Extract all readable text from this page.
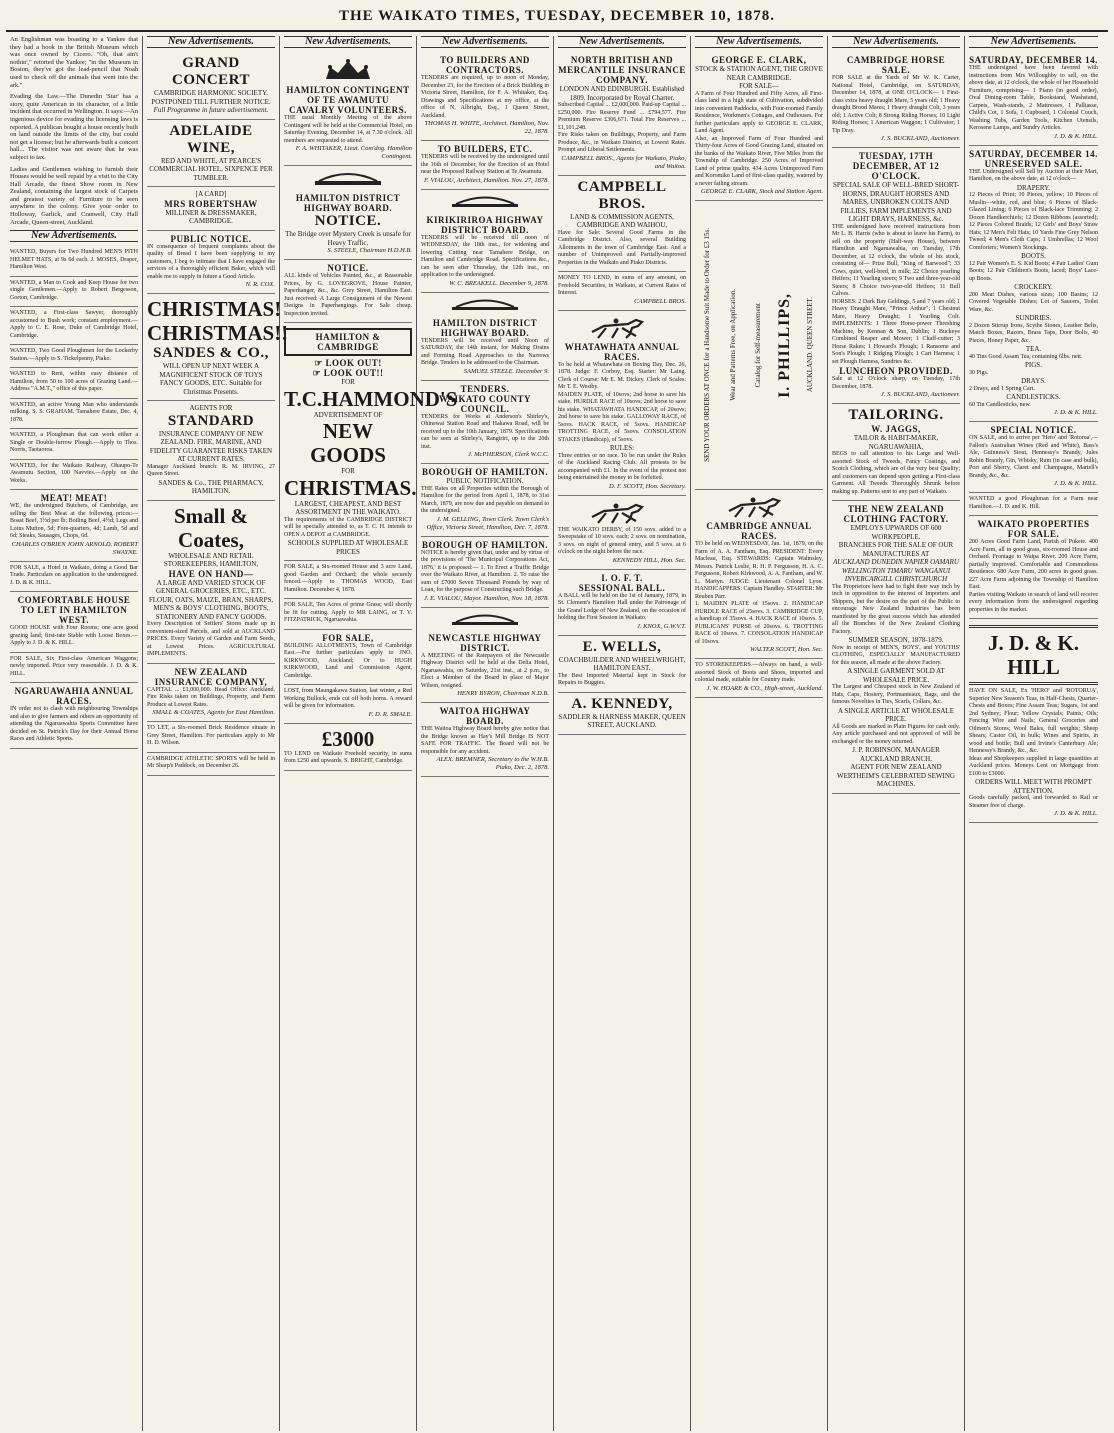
THE WAIKATO TIMES, TUESDAY, DECEMBER 10, 1878.
An Englishman was boasting to a Yankee that they had a book in the British Museum which was once owned by Cicero. "Oh, that ain't nothin'," retorted the Yankee; "in the Museum in Boston, they've got the lead-pencil that Noah used to check off the animals that went into the ark."
Evading the Law.—The Dunedin 'Star' has a story, quite American in its character, of a little incident that occurred in Wellington. It says:—An ingenious device for evading the licensing laws is reported. A publican bought a house recently built on land outside the limits of the city, but could not get a license; but he afterwards built a concert hall... The visitor was not aware that he was subject to tax.
Ladies and Gentlemen wishing to furnish their Houses would be well repaid by a visit to the City Hall Arcade, the finest Show room in New Zealand, containing the largest stock of Carpets and greatest variety of Furniture to be seen anywhere in the colony. Give your order to Holloway, Garlick, and Cranwell, City Hall Arcade, Queen-street, Auckland.
New Advertisements.
WANTED, Buyers for Two Hundred MEN'S PITH HELMET HATS, at 9s 6d each. J. MOSES, Draper, Hamilton West.
WANTED, a Man to Cook and Keep House for two single Gentlemen.—Apply to Robert Bergesson, Gorton, Cambridge.
WANTED, a First-class Sawyer, thoroughly accustomed to Bush work; constant employment.—Apply to C. E. Rose, Duke of Cambridge Hotel, Cambridge.
WANTED, Two Good Ploughmen for the Lockerby Station.—Apply to S. Tickelpenny, Piako.
WANTED to Rent, within easy distance of Hamilton, from 50 to 100 acres of Grazing Land.—Address "A.M.T.," office of this paper.
WANTED, an active Young Man who understands milking. S. S. GRAHAM. Tamahere Estate, Dec. 4, 1878.
WANTED, a Ploughman that can work either a Single or Double-furrow Plough.—Apply to Thos. Norris, Taotaoroa.
WANTED, for the Waikato Railway, Ohaupo-Te Awamutu Section, 100 Navvies.—Apply on the Works.
MEAT! MEAT!
WE, the undersigned Butchers, of Cambridge, are selling the Best Meat at the following prices:— Boast Beef, 3½d per lb; Boiling Beef, 4½d; Legs and Loins Mutton, 5d; Fore-quarters, 4d; Lamb, 5d and 6d; Steaks, Sausages, Chops, 6d.
CHARLES O'BRIEN JOHN ARNOLD. ROBERT SWAYNE.
FOR SALE, a Hotel in Waikato, doing a Good Bar Trade. Particulars on application to the undersigned. J. D. & K. HILL.
COMFORTABLE HOUSE TO LET IN HAMILTON WEST.
GOOD HOUSE with Four Rooms; one acre good grazing land; first-rate Stable with Loose Boxes.—Apply to J. D. & K. HILL.
FOR SALE, Six First-class American Waggons; newly imported. Price very reasonable. J. D. & K. HILL.
NGARUAWAHIA ANNUAL RACES.
IN order not to clash with neighbouring Townships and also to give farmers and others an opportunity of attending the Ngaruawahia Sports Committee have decided on St. Patrick's Day for their Annual Horse Races and Athletic Sports.
New Advertisements.
GRAND CONCERT
CAMBRIDGE HARMONIC SOCIETY. POSTPONED TILL FURTHER NOTICE.
Full Programme in future advertisement.
ADELAIDE WINE,
RED AND WHITE, AT PEARCE'S COMMERCIAL HOTEL, SIXPENCE PER TUMBLER.
[A CARD]
MRS ROBERTSHAW
MILLINER & DRESSMAKER, CAMBRIDGE.
PUBLIC NOTICE.
IN consequence of frequent complaints about the quality of Bread I have been supplying to my customers, I beg to intimate that I have engaged the services of a thoroughly efficient Baker, which will enable me to supply in future a Good Article.
N. R. COX.
CHRISTMAS!
CHRISTMAS!!
SANDES & CO.,
WILL OPEN UP NEXT WEEK A MAGNIFICENT STOCK OF TOYS FANCY GOODS, ETC. Suitable for Christmas Presents.
AGENTS FOR
STANDARD
INSURANCE COMPANY OF NEW ZEALAND. FIRE, MARINE, AND FIDELITY GUARANTEE RISKS TAKEN AT CURRENT RATES.
Manager Auckland branch: R. M. IRVING, 27 Queen Street.
SANDES & Co., THE PHARMACY, HAMILTON.
Small & Coates,
WHOLESALE AND RETAIL STOREKEEPERS, HAMILTON,
HAVE ON HAND—
A LARGE AND VARIED STOCK OF GENERAL GROCERIES, ETC., ETC. FLOUR, OATS, MAIZE, BRAN, SHARPS, MEN'S & BOYS' CLOTHING, BOOTS, STATIONERY AND FANCY GOODS.
Every Description of Settlers' Stores made up in convenient-sized Parcels, and sold at AUCKLAND PRICES. Every Variety of Garden and Farm Seeds, at Lowest Prices. AGRICULTURAL IMPLEMENTS.
NEW ZEALAND INSURANCE COMPANY,
CAPITAL ... £1,000,000. Head Office: Auckland. Fire Risks taken on Buildings, Property, and Farm Produce at Lowest Rates.
SMALL & COATES, Agents for East Hamilton.
TO LET, a Six-roomed Brick Residence situate in Grey Street, Hamilton. For particulars apply to Mr H. D. Wilson.
CAMBRIDGE ATHLETIC SPORTS will be held in Mr Sharp's Paddock, on December 26.
New Advertisements.
HAMILTON CONTINGENT OF TE AWAMUTU CAVALRY VOLUNTEERS.
THE usual Monthly Meeting of the above Contingent will be held at the Commercial Hotel, on Saturday Evening, December 14, at 7.30 o'clock. All members are requested to attend.
F. A. WHITAKER, Lieut. Com'dng. Hamilton Contingent.
HAMILTON DISTRICT HIGHWAY BOARD.
NOTICE.
The Bridge over Mystery Creek is unsafe for Heavy Traffic.
S. STEELE, Chairman H.D.H.B.
NOTICE.
ALL kinds of Vehicles Painted, &c., at Reasonable Prices, by G. LOVEGROVE, House Painter, Paperhanger, &c., &c. Grey Street, Hamilton East. Just received: A Large Consignment of the Newest Designs in Paperhangings. For Sale cheap. Inspection invited.
HAMILTON & CAMBRIDGE
☞ LOOK OUT!
☞ LOOK OUT!!
FOR
T.C.HAMMOND'S
ADVERTISEMENT OF
NEW GOODS
FOR
CHRISTMAS.
LARGEST, CHEAPEST, AND BEST ASSORTMENT IN THE WAIKATO.
The requirements of the CAMBRIDGE DISTRICT will be specially attended to, as T. C. H. intends to OPEN A DEPOT at CAMBRIDGE.
SCHOOLS SUPPLIED AT WHOLESALE PRICES
FOR SALE, a Six-roomed House and 3 acre Land, good Garden and Orchard; the whole securely fenced.—Apply to THOMAS WOOD, East Hamilton. December 4, 1878.
FOR SALE, Ten Acres of prime Grass; will shortly be fit for cutting. Apply to MR LAING, or T. V. FITZPATRICK, Ngaruawahia.
FOR SALE,
BUILDING ALLOTMENTS, Town of Cambridge East.—For further particulars apply to JNO. KIRKWOOD, Auckland; Or to HUGH KIRKWOOD, Land and Commission Agent, Cambridge.
LOST, from Maungakawa Station, last winter, a Red Working Bullock, ends cut off both horns. A reward will be given for information.
F. D. R. SMALE.
£3000
TO LEND on Waikato Freehold security, in sums from £250 and upwards. S. BRIGHT, Cambridge.
New Advertisements.
TO BUILDERS AND CONTRACTORS.
TENDERS are required, up to noon of Monday, December 23, for the Erection of a Brick Building in Victoria Street, Hamilton, for F. A. Whitaker, Esq. Drawings and Specifications at my office, at the office of N. Albright, Esq., 1 Queen Street, Auckland.
THOMAS H. WHITE, Architect. Hamilton, Nov. 22, 1878.
TO BUILDERS, ETC.
TENDERS will be received by the undersigned until the 16th of December, for the Erection of an Hotel near the Proposed Railway Station at Te Awamutu.
F. VIALOU, Architect, Hamilton. Nov. 27, 1878.
KIRIKIRIROA HIGHWAY DISTRICT BOARD.
TENDERS will be received till noon of WEDNESDAY, the 18th inst., for widening and lowering Cutting near Tamahere Bridge, on Hamilton and Cambridge Road. Specifications &c., can be seen after Thursday, the 12th inst., on application to the undersigned.
W. C. BREAKELL. December 9, 1878.
HAMILTON DISTRICT HIGHWAY BOARD.
TENDERS will be received until Noon of SATURDAY, the 14th instant, for Making Drains and Forming Road Approaches to the Narrows Bridge. Tenders to be addressed to the Chairman.
SAMUEL STEELE. December 9.
TENDERS.
WAIKATO COUNTY COUNCIL.
TENDERS for Works at Anderson's Shirley's, Ohinewai Station Road and Hakawa Road, will be received up to the 10th January, 1879. Specifications can be seen at Shirley's, Rangiriri, up to the 20th inst.
J. McPHERSON, Clerk W.C.C.
BOROUGH OF HAMILTON.
PUBLIC NOTIFICATION.
THE Rates on all Properties within the Borough of Hamilton for the period from April 1, 1878, to 31st March, 1879, are now due and payable on demand to the undersigned.
J. M. GELLING, Town Clerk. Town Clerk's Office, Victoria Street, Hamilton, Dec. 7, 1878.
BOROUGH OF HAMILTON.
NOTICE is hereby given that, under and by virtue of the provisions of 'The Municipal Corporations Act, 1876,' it is proposed:— 1. To Erect a Traffic Bridge over the Waikato River, at Hamilton. 2. To raise the sum of £7000 Seven Thousand Pounds by way of Loan, for the purpose of Constructing such Bridge.
J. E. VIALOU, Mayor. Hamilton, Nov. 18, 1878.
NEWCASTLE HIGHWAY DISTRICT.
A MEETING of the Ratepayers of the Newcastle Highway District will be held at the Delta Hotel, Ngaruawahia, on Saturday, 21st inst., at 2 p.m., to Elect a Member of the Board in place of Major Wilson, resigned.
HENRY BYRON, Chairman N.D.B.
WAITOA HIGHWAY BOARD.
THE Waitoa Highway Board hereby give notice that the Bridge known as Hay's Mill Bridge IS NOT SAFE FOR TRAFFIC. The Board will not be responsible for any accident.
ALEX. BREMNER, Secretary to the W.H.B. Piako, Dec. 2, 1878.
New Advertisements.
NORTH BRITISH AND MERCANTILE INSURANCE COMPANY.
LONDON AND EDINBURGH. Established 1809. Incorporated by Royal Charter.
Subscribed Capital ... £2,000,000. Paid-up Capital ... £250,000. Fire Reserve Fund ... £794,577. Fire Premium Reserve £306,671. Total Fire Reserves ... £1,101,248.
Fire Risks taken on Buildings, Property, and Farm Produce, &c., in Waikato District, at Lowest Rates. Prompt and Liberal Settlements.
CAMPBELL BROS., Agents for Waikato, Piako, and Waitoa.
CAMPBELL BROS.
LAND & COMMISSION AGENTS, CAMBRIDGE AND WAIHOU,
Have for Sale: Several Good Farms in the Cambridge District. Also, several Building Allotments in the town of Cambridge East. And a number of Unimproved and Partially-improved Properties in the Waikato and Piako Districts.
MONEY TO LEND, in sums of any amount, on Freehold Securities, in Waikato, at Current Rates of Interest.
CAMPBELL BROS.
WHATAWHATA ANNUAL RACES.
To be held at Whatawhata on Boxing Day, Dec. 26, 1878. Judge: F. Corboy, Esq. Starter: Mr Laing. Clerk of Course: Mr E. M. Dickey. Clerk of Scales: Mr T. E. Westby.
MAIDEN PLATE, of 10sovs; 2nd horse to save his stake. HURDLE RACE of 10sovs; 2nd horse to save his stake. WHATAWHATA HANDICAP, of 20sovs; 2nd horse to save his stake. GALLOWAY RACE, of 5sovs. HACK RACE, of 5sovs. HANDICAP TROTTING RACE, of 5sovs. CONSOLATION STAKES (Handicap), of 5sovs.
RULES:
Three entries or no race. To be run under the Rules of the Auckland Racing Club. All protests to be accompanied with £1. In the event of the protest not being entertained the money to be forfeited.
D. F. SCOTT, Hon. Secretary.
THE WAIKATO DERBY, of 150 sovs. added to a Sweepstake of 10 sovs. each; 2 sovs. on nomination, 3 sovs. on night of general entry, and 5 sovs. at 6 o'clock on the night before the race.
KENNEDY HILL, Hon. Sec.
I. O. F. T.
SESSIONAL BALL.
A BALL will be held on the 1st of January, 1879, in St. Clement's Hamilton Hall under the Patronage of the Grand Lodge of New Zealand, on the occasion of holding the First Session in Waikato.
J. KNOX, G.W.V.T.
E. WELLS,
COACHBUILDER AND WHEELWRIGHT, HAMILTON EAST.
The Best Imported Material kept in Stock for Repairs to Buggies.
A. KENNEDY,
SADDLER & HARNESS MAKER, QUEEN STREET, AUCKLAND.
New Advertisements.
GEORGE E. CLARK,
STOCK & STATION AGENT, THE GROVE NEAR CAMBRIDGE.
FOR SALE—
A Farm of Four Hundred and Fifty Acres, all First-class land in a high state of Cultivation, subdivided into convenient Paddocks, with Four-roomed Family Residence, Workmen's Cottages, and Outhouses. For further particulars apply to GEORGE E. CLARK, Land Agent.
Also, an Improved Farm of Four Hundred and Thirty-four Acres of Good Grazing Land, situated on the banks of the Waikato River, Five Miles from the Township of Cambridge. 250 Acres of Improved Land of prime quality. 434 Acres Unimproved Fern and Koromiko Land of first-class quality, watered by a never failing stream.
GEORGE E. CLARK, Stock and Station Agent.
SEND YOUR ORDERS AT ONCE for a Handsome Suit Made to Order for £3 15s.	Wear and Patterns Free, on Application.	Catalog for Self-measurement I. PHILLIPS, AUCKLAND. QUEEN STREET.
CAMBRIDGE ANNUAL RACES.
TO be held on WEDNESDAY, Jan. 1st, 1879, on the Farm of A. A. Fantham, Esq. PRESIDENT: Every Macleau, Esq. STEWARDS: Captain Walmsley, Messrs. Patrick Leslie, R. H. P. Fergusson, H. A. C. Fergusson, Robert Kirkwood, A. A. Fantham, and W. L. Martyn. JUDGE: Lieutenant Colonel Lyon. HANDICAPPERS: Captain Handley. STARTER: Mr Reuben Parr.
1. MAIDEN PLATE of 15sovs. 2. HANDICAP HURDLE RACE of 25sovs. 3. CAMBRIDGE CUP, a handicap of 35sovs. 4. HACK RACE of 10sovs. 5. PUBLICANS' PURSE of 20sovs. 6. TROTTING RACE of 10sovs. 7. CONSOLATION HANDICAP of 10sovs.
WALTER SCOTT, Hon. Sec.
TO STOREKEEPERS.—Always on hand, a well-assorted Stock of Boots and Shoes, imported and colonial made, suitable for Country trade.
J. W. HOARE & CO., High-street, Auckland.
New Advertisements.
CAMBRIDGE HORSE SALE.
FOR SALE at the Yards of Mr W. K. Carter, National Hotel, Cambridge, on SATURDAY, December 14, 1878, at ONE O'CLOCK— 1 First-class extra heavy draught Mare, 5 years old; 1 Heavy draught Brood Mares; 1 Heavy draught Colt, 3 years old; 1 Active Colt; 8 Strong Riding Horses; 10 Light Riding Horses; 1 American Waggon; 1 Cultivator; 1 Tip Dray.
J. S. BUCKLAND, Auctioneer.
TUESDAY, 17TH DECEMBER, AT 12 O'CLOCK.
SPECIAL SALE OF WELL-BRED SHORT-HORNS, DRAUGHT HORSES AND MARES, UNBROKEN COLTS AND FILLIES, FARM IMPLEMENTS AND LIGHT DRAYS, HARNESS, &c.
THE undersigned have received instructions from Mr L. B. Harris (who is about to leave his Farm), to sell on the property (Half-way House), between Hamilton and Ngaruawahia, on Tuesday, 17th December, at 12 o'clock, the whole of his stock, consisting of— Prize Bull, "King of Barwood"; 33 Cows, quiet, well-bred, in milk; 22 Choice yearling Heifers; 11 Yearling steers; 9 Two and three-year-old Steers; 8 Choice two-year-old Heifers; 11 Bull Calves.
HORSES: 2 Dark Bay Geldings, 5 and 7 years old; 1 Heavy Draught Mare, "Prince Arthur"; 1 Chestnut Mare, Heavy Draught; 1 Yearling Colt. IMPLEMENTS: 1 Three Horse-power Threshing Machine, by Kennan & Son, Dublin; 1 Buckeye Combined Reaper and Mower; 1 Chaff-cutter; 3 Horse Rakes; 1 Howard's Plough; 1 Ransome and Son's Plough; 1 Ridging Plough; 1 Cart Harness; 1 set Plough Harness, Sundries &c.
LUNCHEON PROVIDED.
Sale at 12 O'clock sharp, on Tuesday, 17th December, 1878.
J. S. BUCKLAND, Auctioneer.
TAILORING.
W. JAGGS,
TAILOR & HABIT-MAKER, NGARUAWAHIA,
BEGS to call attention to his Large and Well-assorted Stock of Tweeds, Fancy Coatings, and Scotch Clothing, which are of the very best Quality; and customers can depend upon getting a First-class Garment. All Tweeds Thoroughly Shrunk before making up. Patterns sent to any part of Waikato.
THE NEW ZEALAND CLOTHING FACTORY.
EMPLOYS UPWARDS OF 600 WORKPEOPLE.
BRANCHES FOR THE SALE OF OUR MANUFACTURES AT
AUCKLAND DUNEDIN NAPIER OAMARU WELLINGTON TIMARU WANGANUI INVERCARGILL CHRISTCHURCH
The Proprietors have had to fight their way inch by inch in opposition to the interest of Importers and Shippers, but the desire on the part of the Public to encourage New Zealand Industries has been manifested by the great success which has attended all the Branches of the New Zealand Clothing Factory.
SUMMER SEASON, 1878-1879.
Now in receipt of MEN'S, BOYS', and YOUTHS' CLOTHING, ESPECIALLY MANUFACTURED for this season, all made at the above Factory.
A SINGLE GARMENT SOLD AT WHOLESALE PRICE.
The Largest and Cheapest stock in New Zealand of Hats, Caps, Hosiery, Portmanteaux, Bags, and the famous Novelties in Ties, Scarfs, Collars, &c.
A SINGLE ARTICLE AT WHOLESALE PRICE.
All Goods are marked in Plain Figures for cash only. Any article purchased and not approved of will be exchanged or the money returned.
J. P. ROBINSON, MANAGER AUCKLAND BRANCH.
AGENT FOR NEW ZEALAND WERTHEIM'S CELEBRATED SEWING MACHINES.
New Advertisements.
SATURDAY, DECEMBER 14.
THE undersigned have been favored with instructions from Mrs Willoughby to sell, on the above date, at 12 o'clock, the whole of her Household Furniture, comprising— 1 Piano (in good order), Oval Dining-room Table, Bookstand, Washstand, Carpets, Wash-stands, 2 Mattresses, 1 Palliasse, Child's Cot, 1 Sofa, 1 Cupboard, 1 Colonial Couch, Washing Tubs, Garden Tools, Kitchen Utensils, Kerosene Lamps, and Sundry Articles.
J. D. & K. HILL.
SATURDAY, DECEMBER 14.
UNRESERVED SALE.
THE Undersigned will Sell by Auction at their Mart, Hamilton, on the above date, at 12 o'clock—
DRAPERY.
12 Pieces of Print; 10 Pieces, yellow; 10 Pieces of Muslin—white, red, and blue; 6 Pieces of Black-Glazed Lining; 6 Pieces of Black-lace Trimming; 2 Dozen Handkerchiefs; 12 Dozen Ribbons (assorted); 12 Pieces Colored Braids; 12 Girls' and Boys' Straw Hats; 12 Men's Felt Hats; 10 Yards Fine Grey Nelson Tweed; 4 Men's Cloth Caps; 1 Umbrellas; 12 Wool Comforters; Women's Stockings.
BOOTS.
12 Pair Women's E. S. Kid Boots; 4 Pair Ladies' Gum Boots; 12 Pair Children's Boots, laced; Boys' Lace-up Boots.
CROCKERY.
200 Meat Dishes, various sizes; 100 Basins; 12 Covered Vegetable Dishes; Lot of Saucers, Toilet Ware, &c.
SUNDRIES.
2 Dozen Stirrup Irons, Scythe Stones, Leather Belts, Match Boxes, Razors, Brass Taps, Door Bolts, 40 Pieces, Honey Paper, &c.
TEA.
40 Tins Good Assam Tea, containing 6lbs. nett.
PIGS.
30 Pigs.
DRAYS.
2 Drays, and 1 Spring Cart.
CANDLESTICKS.
60 Tin Candlesticks, new.
J. D. & K. HILL.
SPECIAL NOTICE.
ON SALE, and to arrive per 'Hero' and 'Rotorua',— Fallon's Australian Wines (Red and White), Bass's Ale, Guinness's Stout, Hennessy's Brandy, Jules Robin Brandy, Gin, Whisky, Rum (in case and bulk), Port and Sherry, Claret and Champagne, Martell's Brandy, &c., &c.
J. D. & K. HILL.
WANTED a good Ploughman for a Farm near Hamilton.—J. D. and K. Hill.
WAIKATO PROPERTIES FOR SALE.
200 Acres Good Farm Land, Parish of Pukete. 400 Acre Farm, all in good grass, six-roomed House and Orchard. Frontage to Waipa River. 200 Acre Farm, partially improved. Comfortable and Commodious Residence. 680 Acre Farm, 200 acres in good grass. 227 Acre Farm adjoining the Township of Hamilton East.
Parties visiting Waikato in search of land will receive every information from the undersigned regarding properties in the market.
J. D. & K. HILL
HAVE ON SALE, Ex 'HERO' and 'ROTORUA', Superior New Season's Teas, in Half-Chests, Quarter-Chests and Boxes; Fine Assam Teas; Sugars, 1st and 2nd Sydney; Flour; Yellow Crystals; Paints; Oils; Fencing Wire and Nails; General Groceries and Oilmen's Stores; Wool Bales, full weights; Sheep Shears; Castor Oil, in bulk; Wines and Spirits, in wood and bottle; Bull and Irvine's Canterbury Ale; Hennessy's Brandy, &c., &c.
Ideas and Shopkeepers supplied in large quantities at Auckland prices. Moneys Lent on Mortgage from £100 to £3000.
ORDERS WILL MEET WITH PROMPT ATTENTION.
Goods carefully packed, and forwarded to Rail or Steamer free of charge.
J. D. & K. HILL.
